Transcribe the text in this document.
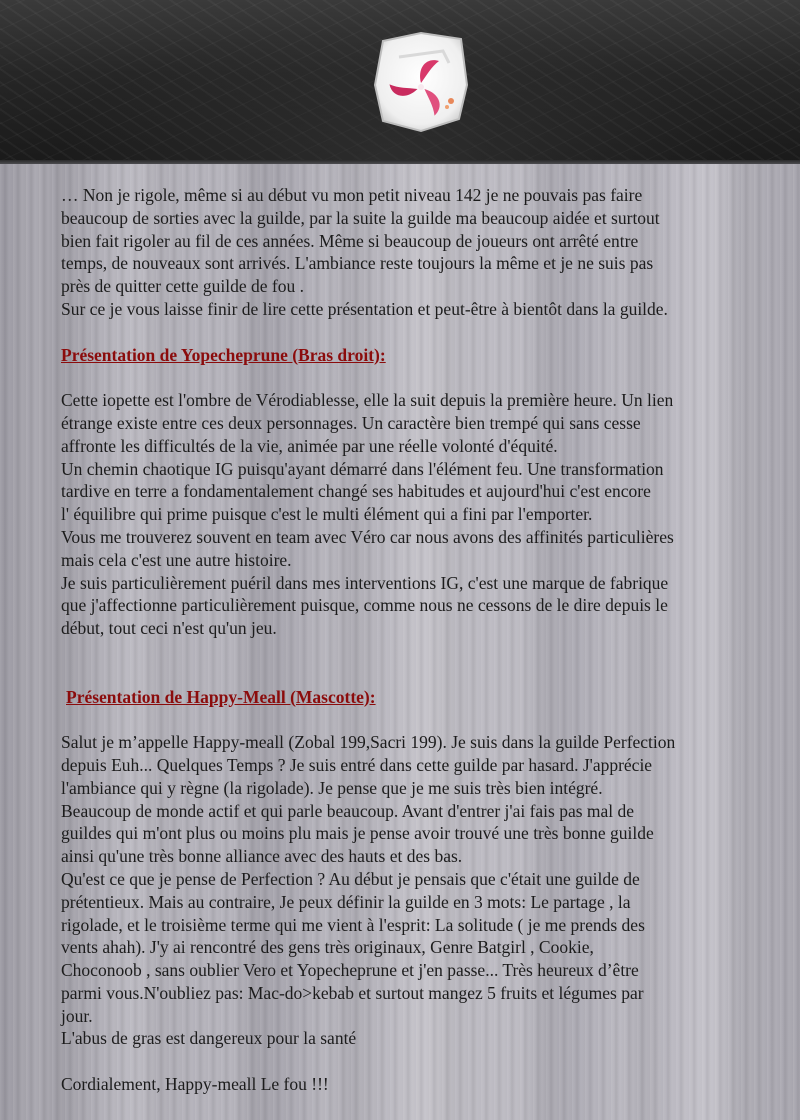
… Non je rigole, même si au début vu mon petit niveau 142 je ne pouvais pas faire

beaucoup de sorties avec la guilde, par la suite la guilde ma beaucoup aidée et surtout

bien fait rigoler au fil de ces années. Même si beaucoup de joueurs ont arrêté entre

temps, de nouveaux sont arrivés. L'ambiance reste toujours la même et je ne suis pas

près de quitter cette guilde de fou .

Sur ce je vous laisse finir de lire cette présentation et peut-être à bientôt dans la guilde.

Présentation de Yopecheprune (Bras droit):

Cette iopette est l'ombre de Vérodiablesse, elle la suit depuis la première heure. Un lien

étrange existe entre ces deux personnages. Un caractère bien trempé qui sans cesse

affronte les difficultés de la vie, animée par une réelle volonté d'équité.

Un chemin chaotique IG puisqu'ayant démarré dans l'élément feu. Une transformation

tardive en terre a fondamentalement changé ses habitudes et aujourd'hui c'est encore

l' équilibre qui prime puisque c'est le multi élément qui a fini par l'emporter.

Vous me trouverez souvent en team avec Véro car nous avons des affinités particulières

mais cela c'est une autre histoire.

Je suis particulièrement puéril dans mes interventions IG, c'est une marque de fabrique

que j'affectionne particulièrement puisque, comme nous ne cessons de le dire depuis le

début, tout ceci n'est qu'un jeu.

Présentation de Happy-Meall (Mascotte):

Salut je m’appelle Happy-meall (Zobal 199,Sacri 199). Je suis dans la guilde Perfection

depuis Euh... Quelques Temps ? Je suis entré dans cette guilde par hasard. J'apprécie

l'ambiance qui y règne (la rigolade). Je pense que je me suis très bien intégré.

Beaucoup de monde actif et qui parle beaucoup. Avant d'entrer j'ai fais pas mal de

guildes qui m'ont plus ou moins plu mais je pense avoir trouvé une très bonne guilde

ainsi qu'une très bonne alliance avec des hauts et des bas.

Qu'est ce que je pense de Perfection ? Au début je pensais que c'était une guilde de

prétentieux. Mais au contraire, Je peux définir la guilde en 3 mots: Le partage , la

rigolade, et le troisième terme qui me vient à l'esprit: La solitude ( je me prends des

vents ahah). J'y ai rencontré des gens très originaux, Genre Batgirl , Cookie,

Choconoob , sans oublier Vero et Yopecheprune et j'en passe... Très heureux d’être

parmi vous.N'oubliez pas: Mac-do>kebab et surtout mangez 5 fruits et légumes par

jour.

L'abus de gras est dangereux pour la santé

Cordialement, Happy-meall Le fou !!!
